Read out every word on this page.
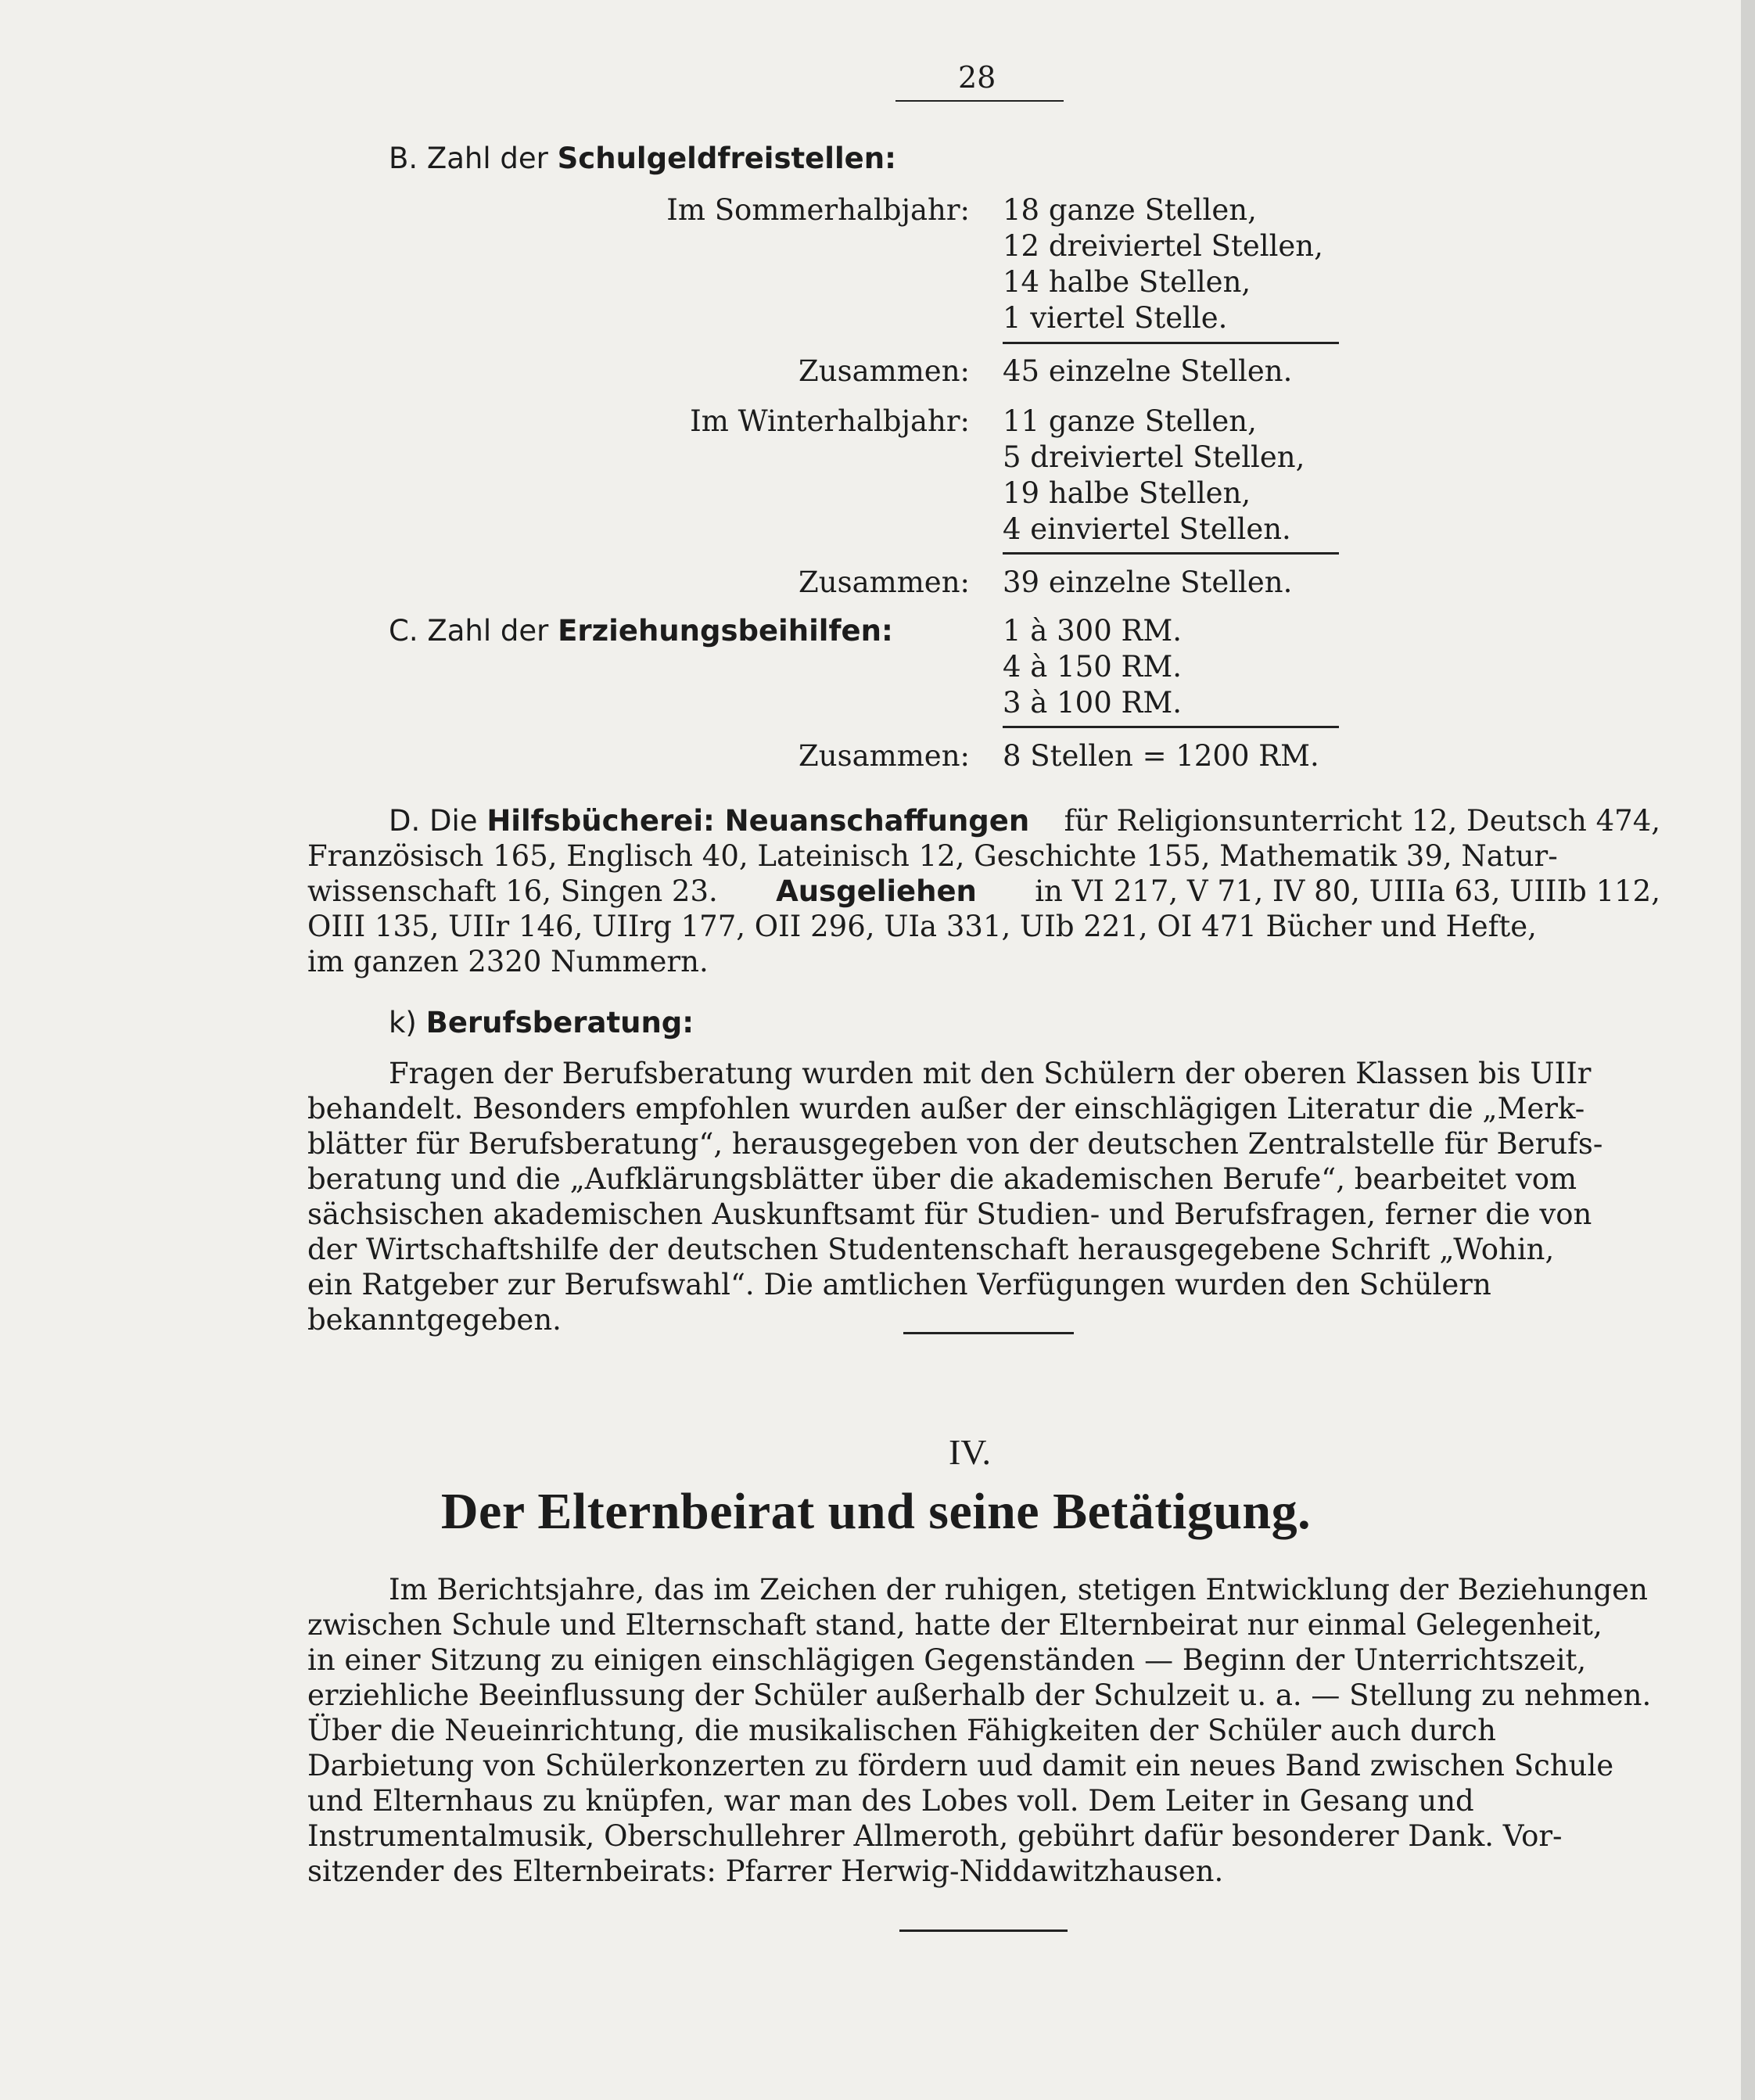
28
B. Zahl der Schulgeldfreistellen:
Im Sommerhalbjahr: 18 ganze Stellen,
12 dreiviertel Stellen,
14 halbe Stellen,
1 viertel Stelle.
Zusammen: 45 einzelne Stellen.
Im Winterhalbjahr: 11 ganze Stellen,
5 dreiviertel Stellen,
19 halbe Stellen,
4 einviertel Stellen.
Zusammen: 39 einzelne Stellen.
C. Zahl der Erziehungsbeihilfen:	1 à 300 RM.
4 à 150 RM.
3 à 100 RM.
Zusammen: 8 Stellen = 1200 RM.
D. Die Hilfsbücherei: Neuanschaffungen für Religionsunterricht 12, Deutsch 474,
Französisch 165, Englisch 40, Lateinisch 12, Geschichte 155, Mathematik 39, Natur-
wissenschaft 16, Singen 23. Ausgeliehen in VI 217, V 71, IV 80, UIIIa 63, UIIIb 112,
OIII 135, UIIr 146, UIIrg 177, OII 296, UIa 331, UIb 221, OI 471 Bücher und Hefte,
im ganzen 2320 Nummern.
k) Berufsberatung:
Fragen der Berufsberatung wurden mit den Schülern der oberen Klassen bis UIIr
behandelt. Besonders empfohlen wurden außer der einschlägigen Literatur die „Merk-
blätter für Berufsberatung“, herausgegeben von der deutschen Zentralstelle für Berufs-
beratung und die „Aufklärungsblätter über die akademischen Berufe“, bearbeitet vom
sächsischen akademischen Auskunftsamt für Studien- und Berufsfragen, ferner die von
der Wirtschaftshilfe der deutschen Studentenschaft herausgegebene Schrift „Wohin,
ein Ratgeber zur Berufswahl“. Die amtlichen Verfügungen wurden den Schülern
bekanntgegeben.
IV.
Der Elternbeirat und seine Betätigung.
Im Berichtsjahre, das im Zeichen der ruhigen, stetigen Entwicklung der Beziehungen
zwischen Schule und Elternschaft stand, hatte der Elternbeirat nur einmal Gelegenheit,
in einer Sitzung zu einigen einschlägigen Gegenständen — Beginn der Unterrichtszeit,
erziehliche Beeinflussung der Schüler außerhalb der Schulzeit u. a. — Stellung zu nehmen.
Über die Neueinrichtung, die musikalischen Fähigkeiten der Schüler auch durch
Darbietung von Schülerkonzerten zu fördern uud damit ein neues Band zwischen Schule
und Elternhaus zu knüpfen, war man des Lobes voll. Dem Leiter in Gesang und
Instrumentalmusik, Oberschullehrer Allmeroth, gebührt dafür besonderer Dank. Vor-
sitzender des Elternbeirats: Pfarrer Herwig-Niddawitzhausen.
